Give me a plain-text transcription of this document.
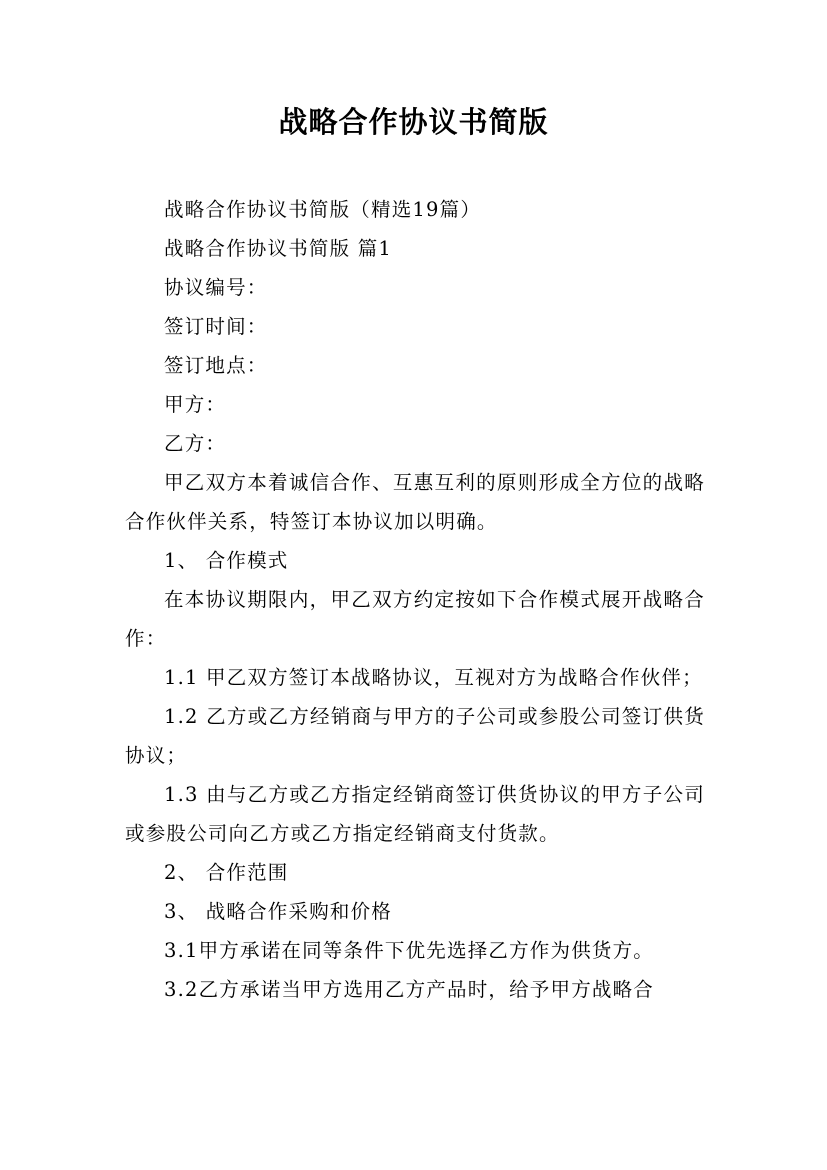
战略合作协议书简版

战略合作协议书简版（精选19篇）

战略合作协议书简版 篇1

协议编号：

签订时间：

签订地点：

甲方：

乙方：

甲乙双方本着诚信合作、互惠互利的原则形成全方位的战略合作伙伴关系，特签订本协议加以明确。

1、 合作模式

在本协议期限内，甲乙双方约定按如下合作模式展开战略合作：

1.1 甲乙双方签订本战略协议，互视对方为战略合作伙伴；

1.2 乙方或乙方经销商与甲方的子公司或参股公司签订供货协议；

1.3 由与乙方或乙方指定经销商签订供货协议的甲方子公司或参股公司向乙方或乙方指定经销商支付货款。

2、 合作范围

3、 战略合作采购和价格

3.1甲方承诺在同等条件下优先选择乙方作为供货方。

3.2乙方承诺当甲方选用乙方产品时，给予甲方战略合
